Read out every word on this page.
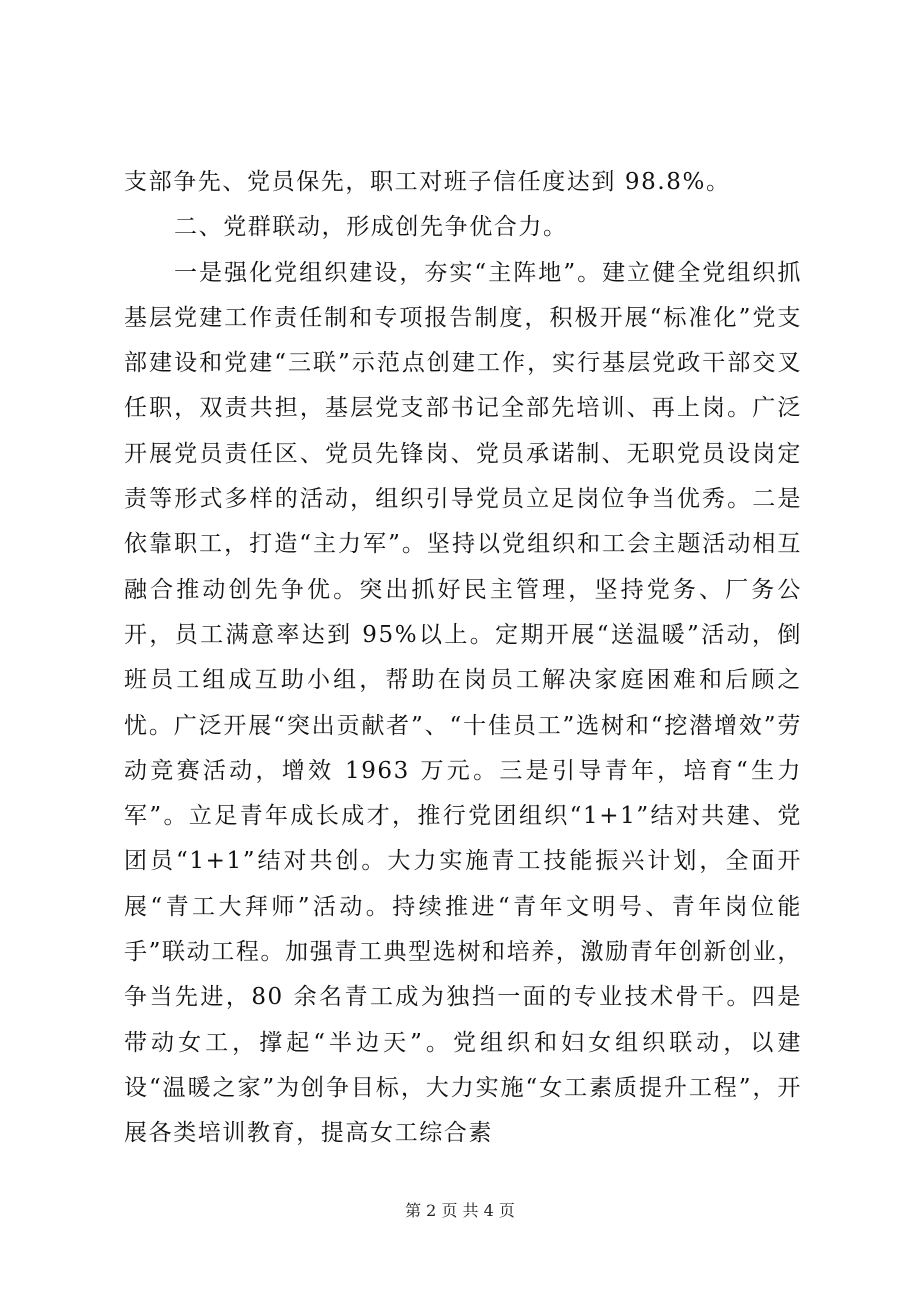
支部争先、党员保先，职工对班子信任度达到 98.8%。

二、党群联动，形成创先争优合力。

一是强化党组织建设，夯实“主阵地”。建立健全党组织抓基层党建工作责任制和专项报告制度，积极开展“标准化”党支部建设和党建“三联”示范点创建工作，实行基层党政干部交叉任职，双责共担，基层党支部书记全部先培训、再上岗。广泛开展党员责任区、党员先锋岗、党员承诺制、无职党员设岗定责等形式多样的活动，组织引导党员立足岗位争当优秀。二是依靠职工，打造“主力军”。坚持以党组织和工会主题活动相互融合推动创先争优。突出抓好民主管理，坚持党务、厂务公开，员工满意率达到 95%以上。定期开展“送温暖”活动，倒班员工组成互助小组，帮助在岗员工解决家庭困难和后顾之忧。广泛开展“突出贡献者”、“十佳员工”选树和“挖潜增效”劳动竞赛活动，增效 1963 万元。三是引导青年，培育“生力军”。立足青年成长成才，推行党团组织“1+1”结对共建、党团员“1+1”结对共创。大力实施青工技能振兴计划，全面开展“青工大拜师”活动。持续推进“青年文明号、青年岗位能手”联动工程。加强青工典型选树和培养，激励青年创新创业，争当先进，80 余名青工成为独挡一面的专业技术骨干。四是带动女工，撑起“半边天”。党组织和妇女组织联动，以建设“温暖之家”为创争目标，大力实施“女工素质提升工程”，开展各类培训教育，提高女工综合素

第 2 页 共 4 页
